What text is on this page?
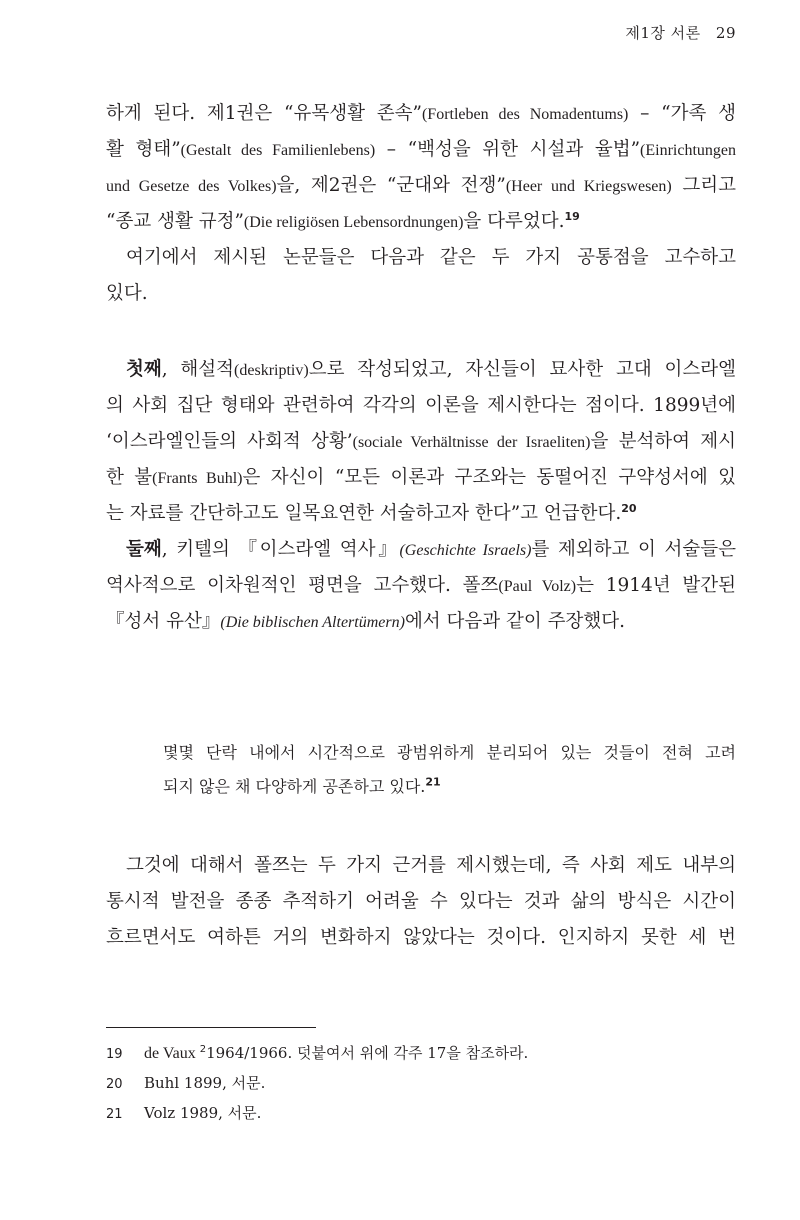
제1장 서론 29
하게 된다. 제1권은 “유목생활 존속”(Fortleben des Nomadentums) – “가족 생
활 형태”(Gestalt des Familienlebens) – “백성을 위한 시설과 율법”(Einrichtungen
und Gesetze des Volkes)을, 제2권은 “군대와 전쟁”(Heer und Kriegswesen) 그리고
“종교 생활 규정”(Die religiösen Lebensordnungen)을 다루었다.$^{19}$
여기에서 제시된 논문들은 다음과 같은 두 가지 공통점을 고수하고
있다.
첫째, 해설적(deskriptiv)으로 작성되었고, 자신들이 묘사한 고대 이스라엘
의 사회 집단 형태와 관련하여 각각의 이론을 제시한다는 점이다. 1899년에
‘이스라엘인들의 사회적 상황’(sociale Verhältnisse der Israeliten)을 분석하여 제시
한 불(Frants Buhl)은 자신이 “모든 이론과 구조와는 동떨어진 구약성서에 있
는 자료를 간단하고도 일목요연한 서술하고자 한다”고 언급한다.$^{20}$
둘째, 키텔의 『이스라엘 역사』(Geschichte Israels)를 제외하고 이 서술들은
역사적으로 이차원적인 평면을 고수했다. 폴쯔(Paul Volz)는 1914년 발간된
『성서 유산』(Die biblischen Altertümern)에서 다음과 같이 주장했다.
몇몇 단락 내에서 시간적으로 광범위하게 분리되어 있는 것들이 전혀 고려
되지 않은 채 다양하게 공존하고 있다.$^{21}$
그것에 대해서 폴쯔는 두 가지 근거를 제시했는데, 즉 사회 제도 내부의
통시적 발전을 종종 추적하기 어려울 수 있다는 것과 삶의 방식은 시간이
흐르면서도 여하튼 거의 변화하지 않았다는 것이다. 인지하지 못한 세 번
19	de Vaux $^2$1964/1966. 덧붙여서 위에 각주 17을 참조하라.
20	Buhl 1899, 서문.
21	Volz 1989, 서문.
